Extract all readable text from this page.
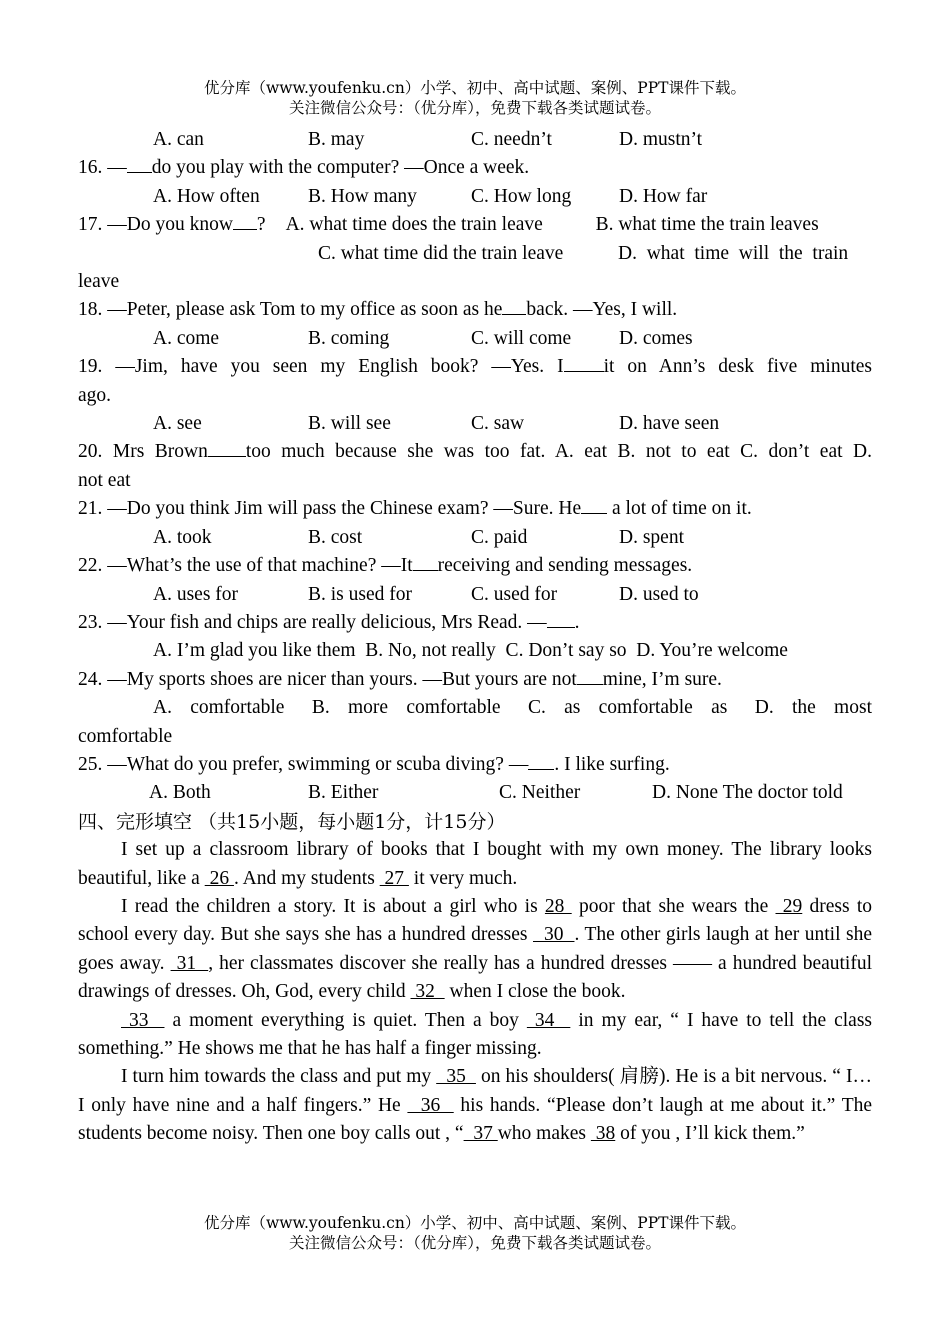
优分库（www.youfenku.cn）小学、初中、高中试题、案例、PPT课件下载。
关注微信公众号：（优分库），免费下载各类试题试卷。
A. can	B. may	C. needn’t	D. mustn’t

16. — do you play with the computer? —Once a week.

A. How often	B. How many	C. How long	D. How far
17. —Do you know ? A. what time does the train leave	B. what time the train leaves
C. what time did the train leave	D.  what  time  will  the  train

leave

18. —Peter, please ask Tom to my office as soon as he back. —Yes, I will.

A. come	B. coming	C. will come	D. comes

19. —Jim, have you seen my English book? —Yes. I it on Ann’s desk five minutes

ago.

A. see	B. will see	C. saw	D. have seen

20. Mrs Brown too much because she was too fat. A. eat B. not to eat C. don’t eat D.

not eat

21. —Do you think Jim will pass the Chinese exam? —Sure. He a lot of time on it.

A. took	B. cost	C. paid	D. spent

22. —What’s the use of that machine? —It receiving and sending messages.

A. uses for	B. is used for	C. used for	D. used to

23. —Your fish and chips are really delicious, Mrs Read. — .

A. I’m glad you like them  B. No, not really  C. Don’t say so  D. You’re welcome

24. —My sports shoes are nicer than yours. —But yours are not mine, I’m sure.

A.  comfortable   B.  more  comfortable   C.  as  comfortable  as   D.  the  most

comfortable

25. —What do you prefer, swimming or scuba diving? — . I like surfing.

A. Both	B. Either	C. Neither	D. None The doctor told

四、完形填空 （共15小题，每小题1分，计15分）

I set up a classroom library of books that I bought with my own money. The library looks beautiful, like a  26 . And my students  27  it very much.

I read the children a story. It is about a girl who is 28  poor that she wears the  29 dress to school every day. But she says she has a hundred dresses   30  . The other girls laugh at her until she goes away.  31  , her classmates discover she really has a hundred dresses —— a hundred beautiful drawings of dresses. Oh, God, every child  32   when I close the book.

33   a moment everything is quiet. Then a boy  34   in my ear, “ I have to tell the class something.” He shows me that he has half a finger missing.

I turn him towards the class and put my   35   on his shoulders( 肩膀). He is a bit nervous. “ I…I only have nine and a half fingers.” He   36   his hands. “Please don’t laugh at me about it.” The students become noisy. Then one boy calls out , “  37 who makes  38 of you , I’ll kick them.”

优分库（www.youfenku.cn）小学、初中、高中试题、案例、PPT课件下载。
关注微信公众号：（优分库），免费下载各类试题试卷。
